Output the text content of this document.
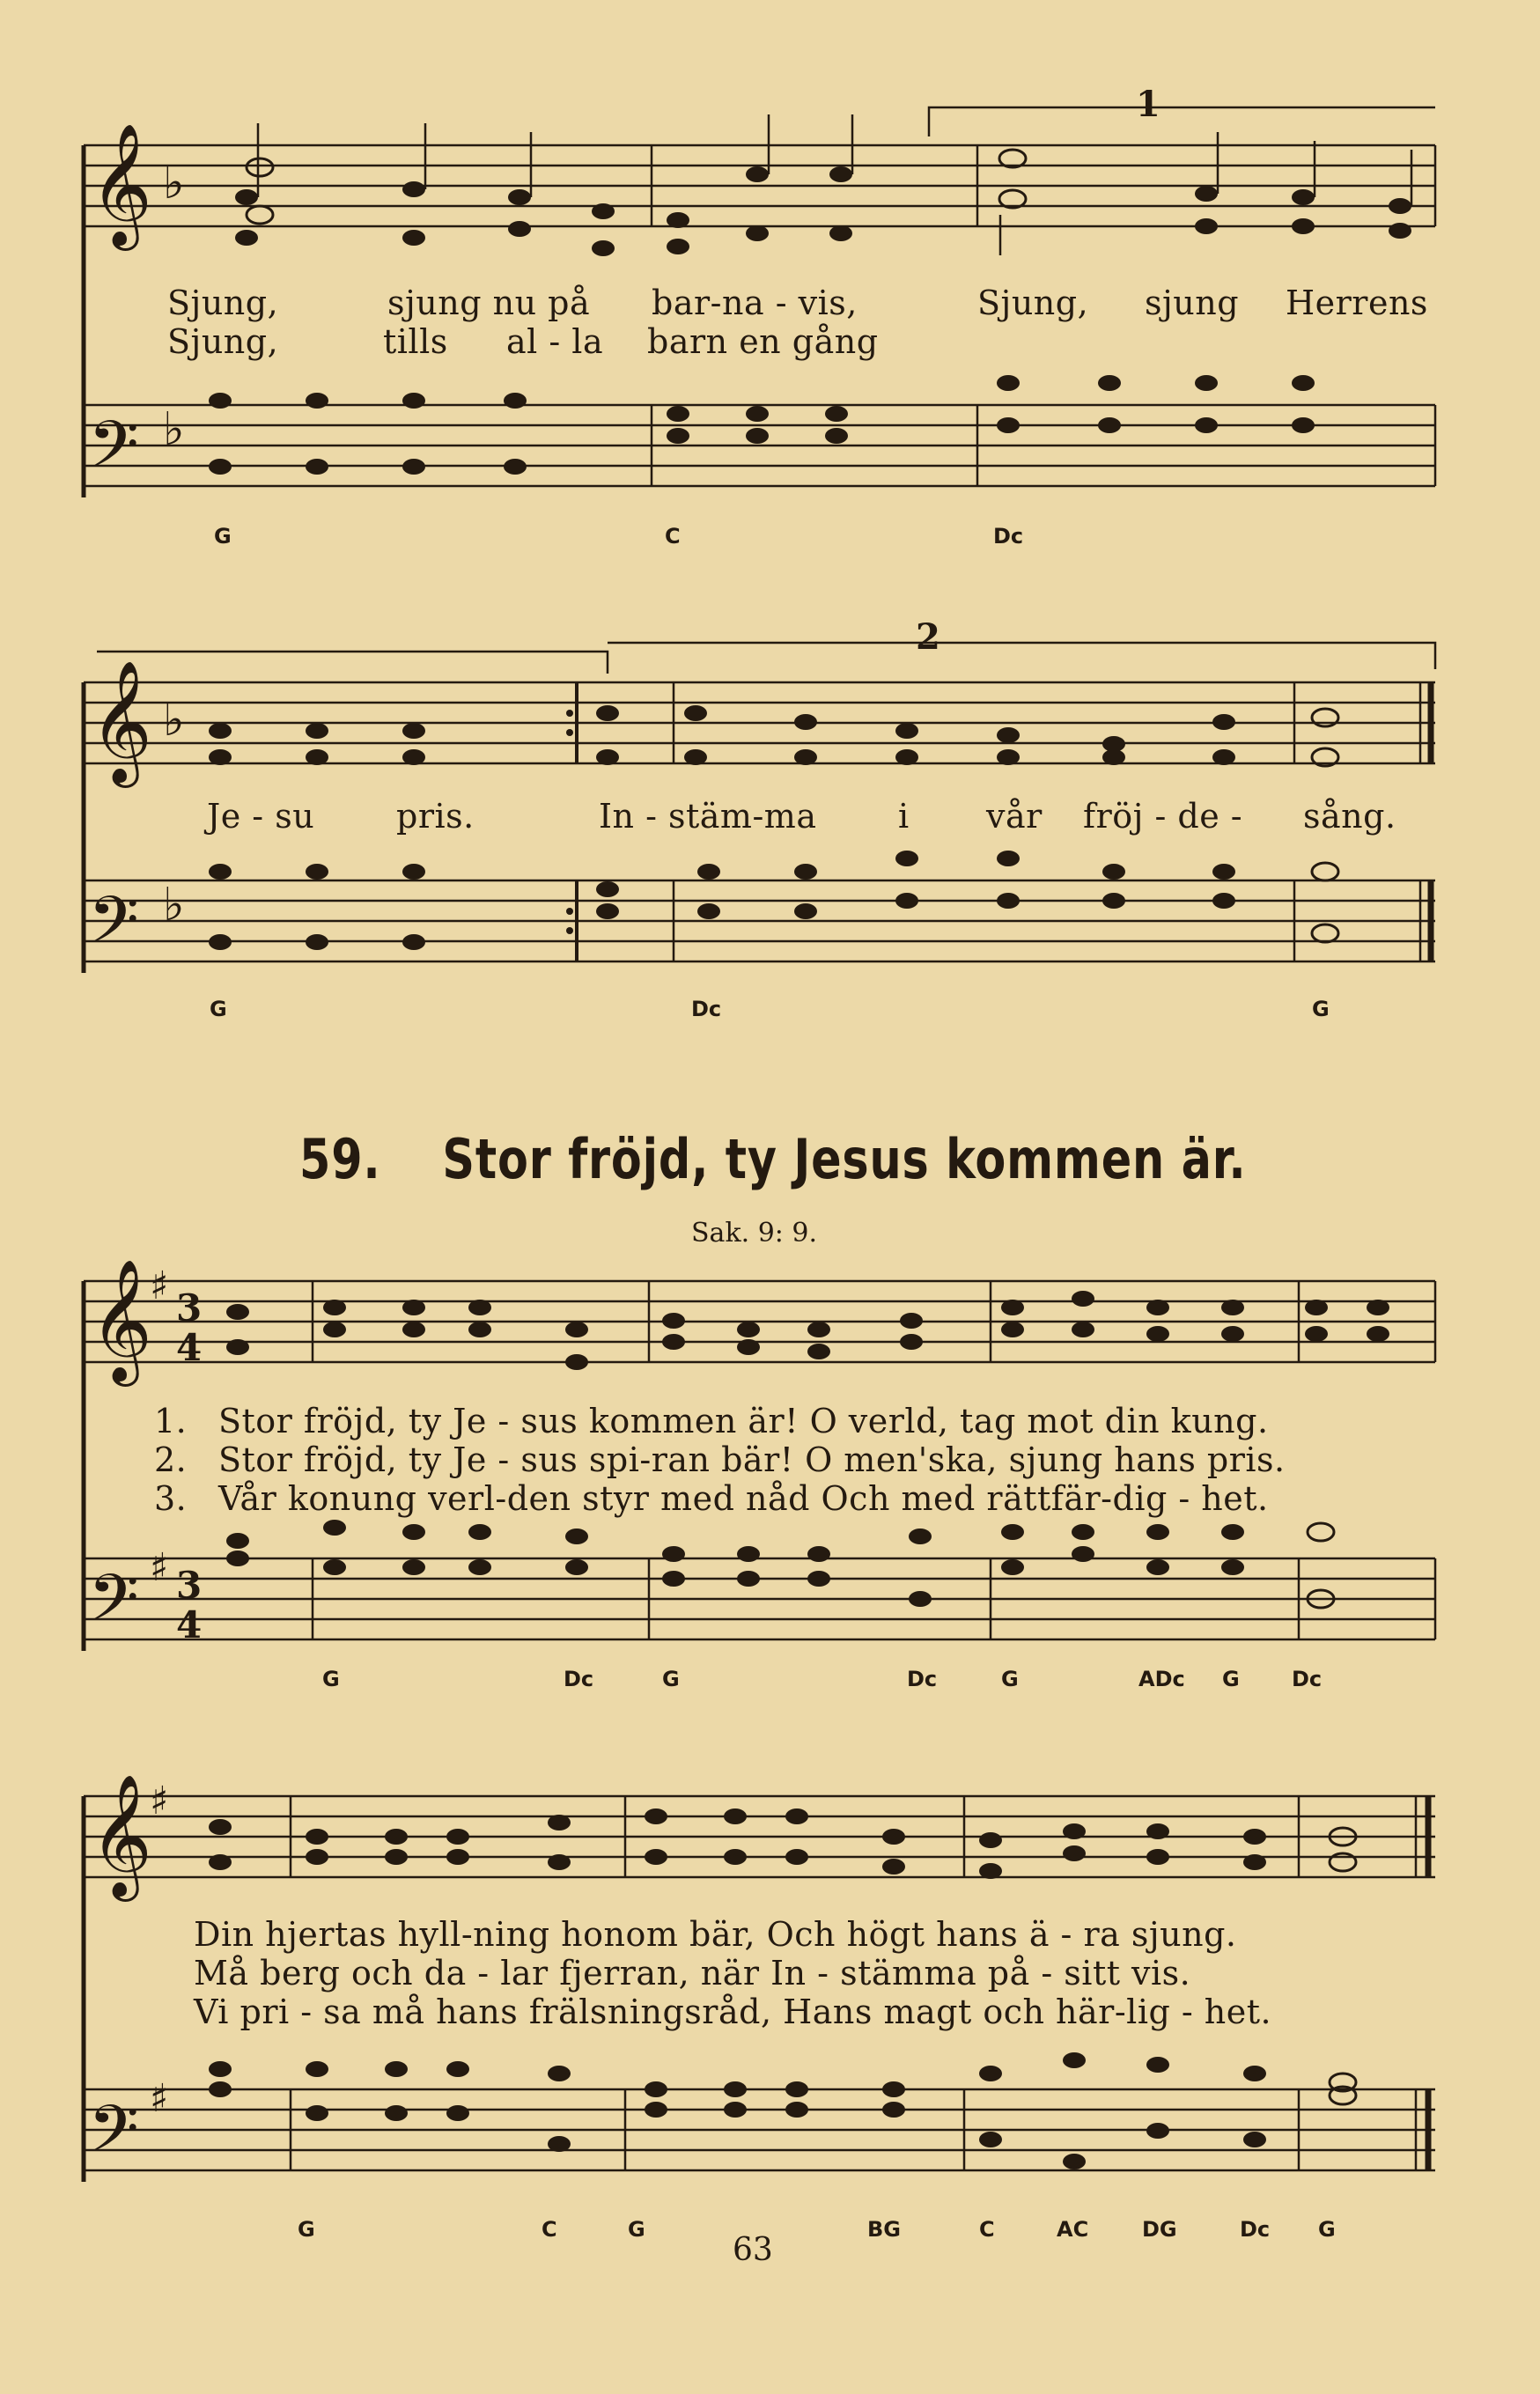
𝄞
𝄢
♭
♭
Sjung,	sjung nu på bar-na - vis,	Sjung, sjung Herrens
Sjung,	tills al - la barn en gång
1
G	C	Dc
𝄞
𝄢
♭
♭
Je - su pris.	In - stäm-ma i vår fröj - de - sång.
2
G	Dc	G
59. Stor fröjd, ty Jesus kommen är.
Sak. 9: 9.
𝄞
𝄢
♯
♯
3
4
3
4
1. Stor fröjd, ty Je - sus kommen är! O verld, tag mot din kung.
2. Stor fröjd, ty Je - sus spi-ran bär! O men'ska, sjung hans pris.
3. Vår konung verl-den styr med nåd Och med rättfär-dig - het.
G	Dc	G	Dc	G	ADc G Dc
𝄞
𝄢
♯
♯
Din hjertas hyll-ning honom bär, Och högt hans ä - ra sjung.
Må berg och da - lar fjerran, när In - stämma på - sitt vis.
Vi pri - sa må hans frälsningsråd, Hans magt och här-lig - het.
G	C	G	BG	C	AC	DG	Dc G
63
